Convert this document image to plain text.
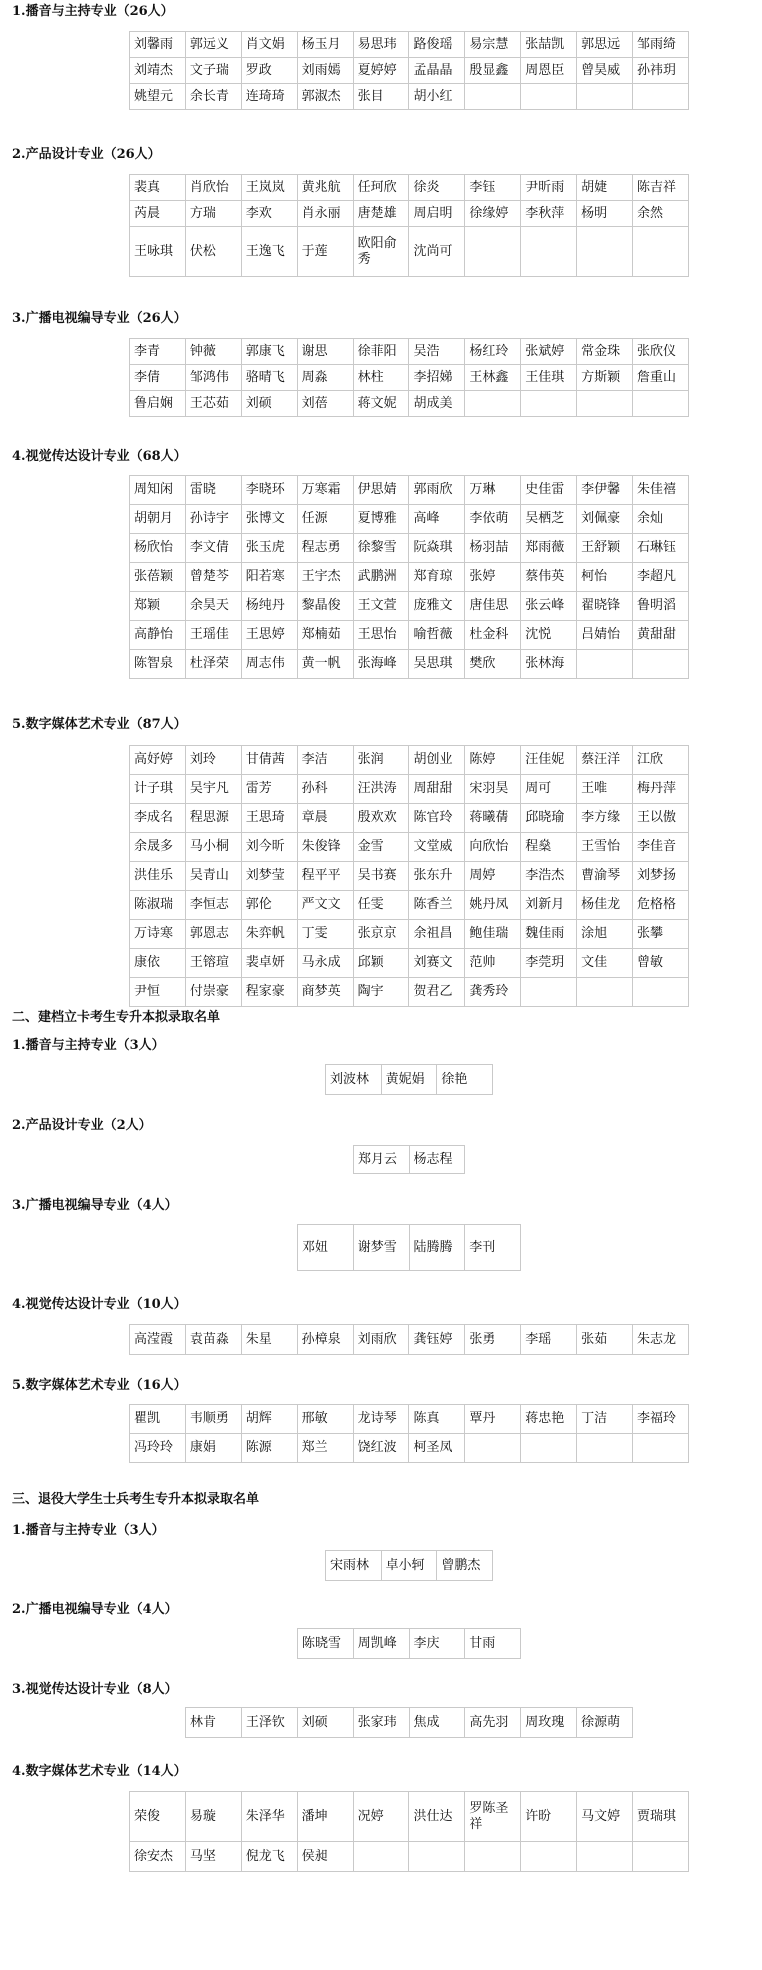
1.播音与主持专业（26人）
刘馨雨	郭远义	肖文娟	杨玉月	易思玮	路俊瑶	易宗慧	张喆凯	郭思远	邹雨绮
刘靖杰	文子瑞	罗政	刘雨嫣	夏婷婷	孟晶晶	殷显鑫	周恩臣	曾昊威	孙祎玥
姚望元	余长青	连琦琦	郭淑杰	张目	胡小红				
2.产品设计专业（26人）
裴真	肖欣怡	王岚岚	黄兆航	任珂欣	徐炎	李钰	尹昕雨	胡婕	陈吉祥
芮晨	方瑞	李欢	肖永丽	唐楚雄	周启明	徐缘婷	李秋萍	杨明	余然
王咏琪	伏松	王逸飞	于莲	欧阳俞秀	沈尚可				
3.广播电视编导专业（26人）
李青	钟薇	郭康飞	谢思	徐菲阳	吴浩	杨红玲	张斌婷	常金珠	张欣仪
李倩	邹鸿伟	骆晴飞	周淼	林柱	李招娣	王林鑫	王佳琪	方斯颖	詹重山
鲁启娴	王芯茹	刘硕	刘蓓	蒋文妮	胡成美				
4.视觉传达设计专业（68人）
周知闲	雷晓	李晓环	万寒霜	伊思婧	郭雨欣	万琳	史佳雷	李伊馨	朱佳禧
胡朝月	孙诗宇	张博文	任源	夏博雅	高峰	李依萌	吴栖芝	刘佩豪	余灿
杨欣怡	李文倩	张玉虎	程志勇	徐黎雪	阮焱琪	杨羽喆	郑雨薇	王舒颖	石琳钰
张蓓颖	曾楚芩	阳若寒	王宇杰	武鹏洲	郑育琼	张婷	蔡伟英	柯怡	李超凡
郑颖	余昊天	杨纯丹	黎晶俊	王文萱	庞雅文	唐佳思	张云峰	翟晓锋	鲁明滔
高静怡	王瑶佳	王思婷	郑楠茹	王思怡	喻哲薇	杜金科	沈悦	吕婧怡	黄甜甜
陈智泉	杜泽荣	周志伟	黄一帆	张海峰	吴思琪	樊欣	张林海		
5.数字媒体艺术专业（87人）
高妤婷	刘玲	甘倩茜	李洁	张润	胡创业	陈婷	汪佳妮	蔡汪洋	江欣
计子琪	吴宇凡	雷芳	孙科	汪洪涛	周甜甜	宋羽昊	周可	王唯	梅丹萍
李成名	程思源	王思琦	章晨	殷欢欢	陈官玲	蒋曦蒨	邱晓瑜	李方缘	王以傲
余晟多	马小桐	刘今昕	朱俊锋	金雪	文堂威	向欣怡	程燊	王雪怡	李佳音
洪佳乐	吴青山	刘梦莹	程平平	吴书赛	张东升	周婷	李浩杰	曹渝琴	刘梦扬
陈淑瑞	李恒志	郭伦	严文文	任雯	陈香兰	姚丹凤	刘新月	杨佳龙	危格格
万诗寒	郭恩志	朱弈帆	丁雯	张京京	余祖昌	鲍佳瑞	魏佳雨	涂旭	张攀
康依	王镕瑄	裴卓妍	马永成	邱颖	刘赛文	范帅	李莞玥	文佳	曾敏
尹恒	付崇豪	程家豪	商梦英	陶宇	贺君乙	龚秀玲			
二、建档立卡考生专升本拟录取名单
1.播音与主持专业（3人）
刘波林	黄妮娟	徐艳
2.产品设计专业（2人）
郑月云	杨志程
3.广播电视编导专业（4人）
邓妞	谢梦雪	陆腾腾	李刊
4.视觉传达设计专业（10人）
高滢霞	袁苗淼	朱星	孙樟泉	刘雨欣	龚钰婷	张勇	李瑶	张茹	朱志龙
5.数字媒体艺术专业（16人）
瞿凯	韦顺勇	胡辉	邢敏	龙诗琴	陈真	覃丹	蒋忠艳	丁洁	李福玲
冯玲玲	康娟	陈源	郑兰	饶红波	柯圣凤				
三、退役大学生士兵考生专升本拟录取名单
1.播音与主持专业（3人）
宋雨林	卓小轲	曾鹏杰
2.广播电视编导专业（4人）
陈晓雪	周凯峰	李庆	甘雨
3.视觉传达设计专业（8人）
林肯	王泽钦	刘硕	张家玮	焦成	高先羽	周玫瑰	徐源萌
4.数字媒体艺术专业（14人）
荣俊	易璇	朱泽华	潘坤	况婷	洪仕达	罗陈圣祥	许昐	马文婷	贾瑞琪
徐安杰	马坚	倪龙飞	侯昶						
